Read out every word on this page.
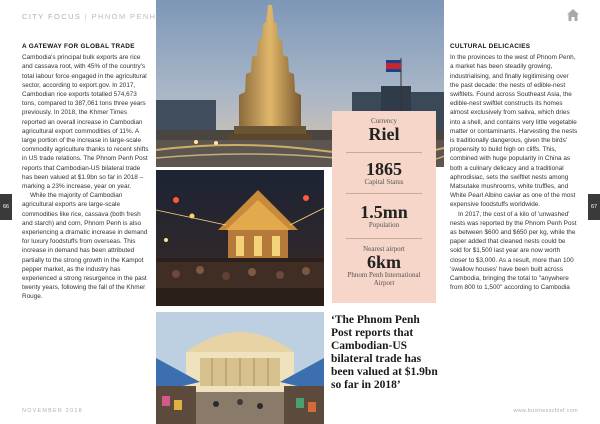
CITY FOCUS | PHNOM PENH
A GATEWAY FOR GLOBAL TRADE

Cambodia's principal bulk exports are rice and cassava root, with 45% of the country's total labour force engaged in the agricultural sector, according to export.gov. In 2017, Cambodian rice exports totalled 574,673 tons, compared to 387,061 tons three years previously. In 2018, the Khmer Times reported an overall increase in Cambodian agricultural export commodities of 11%. A large portion of the increase in large-scale commodity agriculture thanks to recent shifts in US trade relations. The Phnom Penh Post reports that Cambodian-US bilateral trade has been valued at $1.9bn so far in 2018 – marking a 23% increase, year on year.

While the majority of Cambodian agricultural exports are large-scale commodities like rice, cassava (both fresh and starch) and corn, Phnom Penh is also experiencing a dramatic increase in demand for luxury foodstuffs from overseas. This increase in demand has been attributed partially to the strong growth in the Kampot pepper market, as the industry has experienced a strong resurgence in the past twenty years, following the fall of the Khmer Rouge.

66	67
Currency
Riel
1865
Capital Status
1.5mn
Population
Nearest airport
6km
Phnom Penh International Airport
‘The Phnom Penh Post reports that Cambodian-US bilateral trade has been valued at $1.9bn so far in 2018’
CULTURAL DELICACIES

In the provinces to the west of Phnom Penh, a market has been steadily growing, industrialising, and finally legitimising over the past decade: the nests of edible-nest swiftlets. Found across Southeast Asia, the edible-nest swiftlet constructs its homes almost exclusively from saliva, which dries into a shell, and contains very little vegetable matter or contaminants. Harvesting the nests is traditionally dangerous, given the birds' propensity to build high on cliffs. This, combined with huge popularity in China as both a culinary delicacy and a traditional aphrodisiac, sets the swiftlet nests among Matsutake mushrooms, white truffles, and White Pearl Albino caviar as one of the most expensive foodstuffs worldwide.

In 2017, the cost of a kilo of 'unwashed' nests was reported by the Phnom Penh Post as between $600 and $650 per kg, while the paper added that cleaned nests could be sold for $1,500 last year are now worth closer to $3,000. As a result, more than 100 'swallow houses' have been built across Cambodia, bringing the total to "anywhere from 800 to 1,500" according to Cambodia

NOVEMBER 2018	www.businesschief.com
